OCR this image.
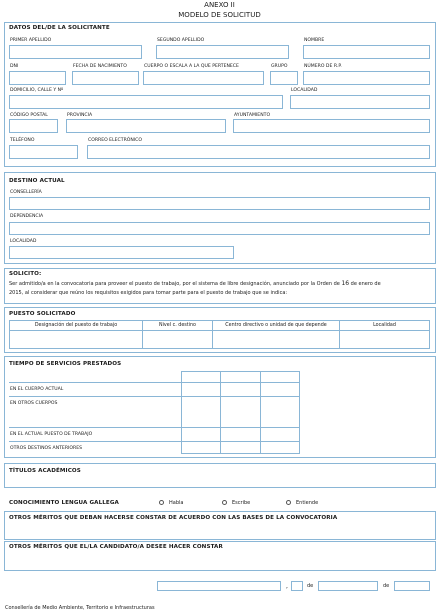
ANEXO II
MODELO DE SOLICITUD
DATOS DEL/DE LA SOLICITANTE
PRIMER APELLIDO	SEGUNDO APELLIDO	NOMBRE
DNI	FECHA DE NACIMIENTO	CUERPO O ESCALA A LA QUE PERTENECE	GRUPO	NÚMERO DE R.P.
DOMICILIO, CALLE Y Nº	LOCALIDAD
CÓDIGO POSTAL	PROVINCIA	AYUNTAMIENTO
TELÉFONO	CORREO ELECTRÓNICO
DESTINO ACTUAL
CONSELLERÍA
DEPENDENCIA
LOCALIDAD
SOLICITO:
Ser admitido/a en la convocatoria para proveer el puesto de trabajo, por el sistema de libre designación, anunciado por la Orden de 16 de enero de
2015, al considerar que reúno los requisitos exigidos para tomar parte para el puesto de trabajo que se indica:
PUESTO SOLICITADO
Designación del puesto de trabajo	Nivel c. destino	Centro directivo o unidad de que depende	Localidad

TIEMPO DE SERVICIOS PRESTADOS
EN EL CUERPO ACTUAL
EN OTROS CUERPOS
EN EL ACTUAL PUESTO DE TRABAJO
OTROS DESTINOS ANTERIORES
TÍTULOS ACADÉMICOS
CONOCIMIENTO LENGUA GALLEGA	Habla	Escribe	Entiende
OTROS MÉRITOS QUE DEBAN HACERSE CONSTAR DE ACUERDO CON LAS BASES DE LA CONVOCATORIA
OTROS MÉRITOS QUE EL/LA CANDIDATO/A DESEE HACER CONSTAR
,	de	de
Consellería de Medio Ambiente, Territorio e Infraestructuras
